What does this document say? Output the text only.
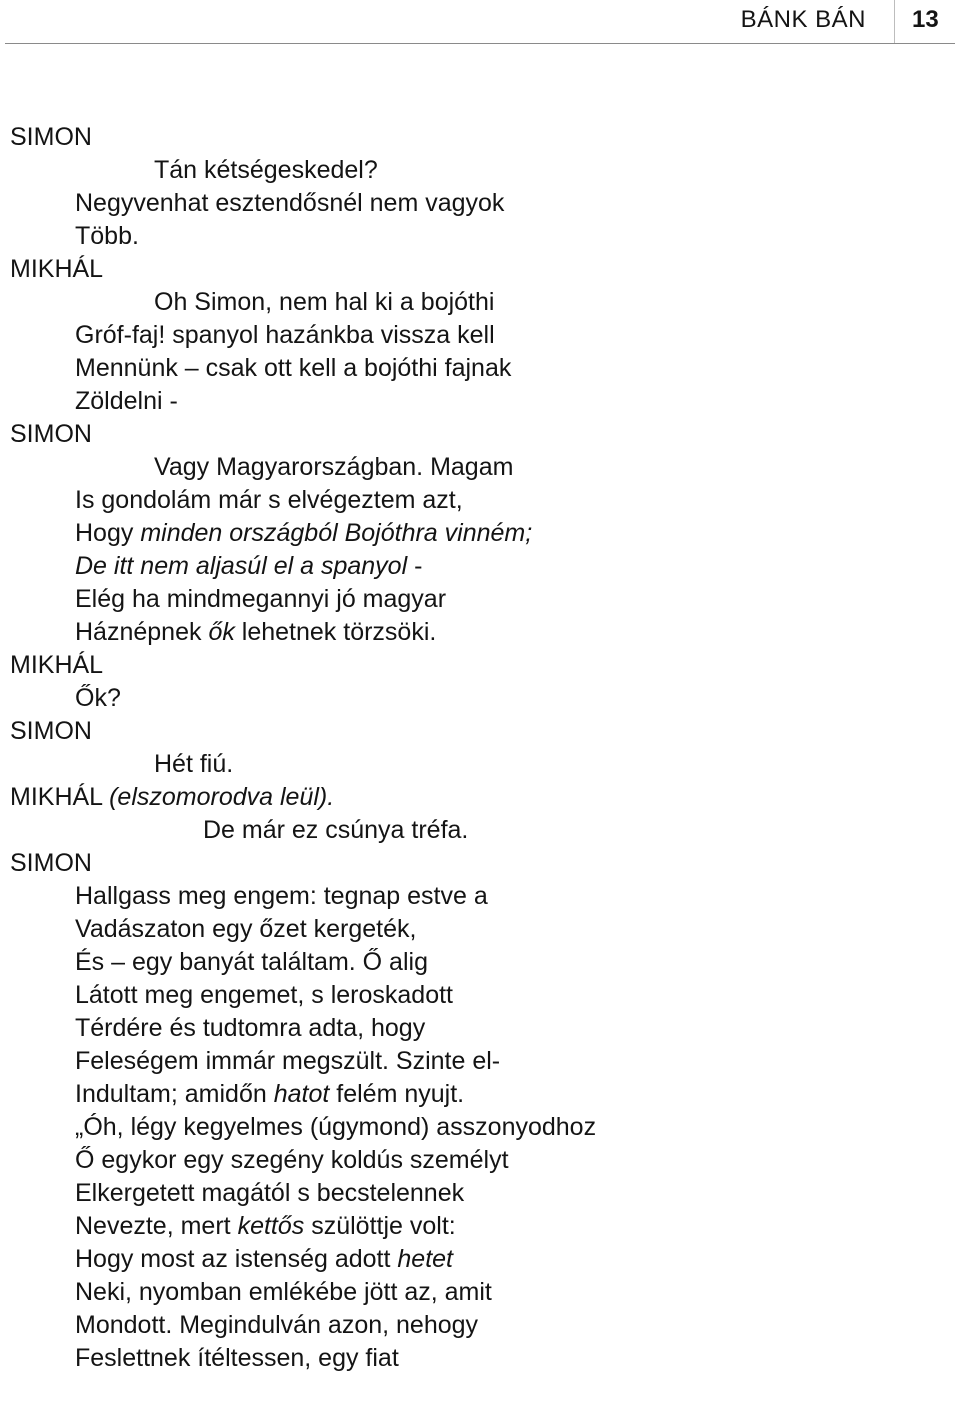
BÁNK BÁN 13
SIMON
Tán kétségeskedel?
Negyvenhat esztendősnél nem vagyok
Több.
MIKHÁL
Oh Simon, nem hal ki a bojóthi
Gróf-faj! spanyol hazánkba vissza kell
Mennünk – csak ott kell a bojóthi fajnak
Zöldelni -
SIMON
Vagy Magyarországban. Magam
Is gondolám már s elvégeztem azt,
Hogy minden országból Bojóthra vinném;
De itt nem aljasúl el a spanyol -
Elég ha mindmegannyi jó magyar
Háznépnek ők lehetnek törzsöki.
MIKHÁL
Ők?
SIMON
Hét fiú.
MIKHÁL (elszomorodva leül).
De már ez csúnya tréfa.
SIMON
Hallgass meg engem: tegnap estve a
Vadászaton egy őzet kergeték,
És – egy banyát találtam. Ő alig
Látott meg engemet, s leroskadott
Térdére és tudtomra adta, hogy
Feleségem immár megszült. Szinte el-
Indultam; amidőn hatot felém nyujt.
„Óh, légy kegyelmes (úgymond) asszonyodhoz
Ő egykor egy szegény koldús személyt
Elkergetett magától s becstelennek
Nevezte, mert kettős szülöttje volt:
Hogy most az istenség adott hetet
Neki, nyomban emlékébe jött az, amit
Mondott. Megindulván azon, nehogy
Feslettnek ítéltessen, egy fiat
